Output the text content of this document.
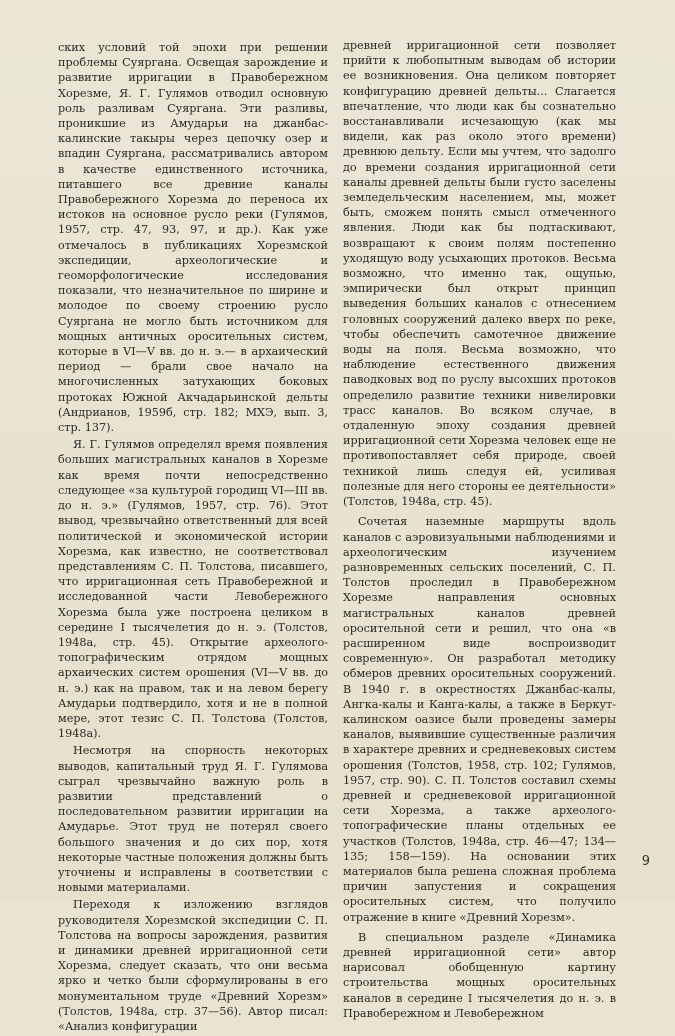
ских условий той эпохи при решении проблемы Суяргана. Освещая зарождение и развитие ирригации в Правобережном Хорезме, Я. Г. Гулямов отводил основную роль разливам Суяргана. Эти разливы, проникшие из Амударьи на джанбас-калинские такыры через цепочку озер и впадин Суяргана, рассматривались автором в качестве единственного источника, питавшего все древние каналы Правобережного Хорезма до переноса их истоков на основное русло реки (Гулямов, 1957, стр. 47, 93, 97, и др.). Как уже отмечалось в публикациях Хорезмской экспедиции, археологические и геоморфологические исследования показали, что незначительное по ширине и молодое по своему строению русло Суяргана не могло быть источником для мощных античных оросительных систем, которые в VI—V вв. до н. э.— в архаический период — брали свое начало на многочисленных затухающих боковых протоках Южной Акчадарьинской дельты (Андрианов, 1959б, стр. 182; МХЭ, вып. 3, стр. 137).

Я. Г. Гулямов определял время появления больших магистральных каналов в Хорезме как время почти непосредственно следующее «за культурой городищ VI—III вв. до н. э.» (Гулямов, 1957, стр. 76). Этот вывод, чрезвычайно ответственный для всей политической и экономической истории Хорезма, как известно, не соответствовал представлениям С. П. Толстова, писавшего, что ирригационная сеть Правобережной и исследованной части Левобережного Хорезма была уже построена целиком в середине I тысячелетия до н. э. (Толстов, 1948а, стр. 45). Открытие археолого-топографическим отрядом мощных архаических систем орошения (VI—V вв. до н. э.) как на правом, так и на левом берегу Амударьи подтвердило, хотя и не в полной мере, этот тезис С. П. Толстова (Толстов, 1948а).

Несмотря на спорность некоторых выводов, капитальный труд Я. Г. Гулямова сыграл чрезвычайно важную роль в развитии представлений о последовательном развитии ирригации на Амударье. Этот труд не потерял своего большого значения и до сих пор, хотя некоторые частные положения должны быть уточнены и исправлены в соответствии с новыми материалами.

Переходя к изложению взглядов руководителя Хорезмской экспедиции С. П. Толстова на вопросы зарождения, развития и динамики древней ирригационной сети Хорезма, следует сказать, что они весьма ярко и четко были сформулированы в его монументальном труде «Древний Хорезм» (Толстов, 1948а, стр. 37—56). Автор писал: «Анализ конфигурации

древней ирригационной сети позволяет прийти к любопытным выводам об истории ее возникновения. Она целиком повторяет конфигурацию древней дельты... Слагается впечатление, что люди как бы сознательно восстанавливали исчезающую (как мы видели, как раз около этого времени) древнюю дельту. Если мы учтем, что задолго до времени создания ирригационной сети каналы древней дельты были густо заселены земледельческим населением, мы, может быть, сможем понять смысл отмеченного явления. Люди как бы подтаскивают, возвращают к своим полям постепенно уходящую воду усыхающих протоков. Весьма возможно, что именно так, ощупью, эмпирически был открыт принцип выведения больших каналов с отнесением головных сооружений далеко вверх по реке, чтобы обеспечить самотечное движение воды на поля. Весьма возможно, что наблюдение естественного движения паводковых вод по руслу высохших протоков определило развитие техники нивелировки трасс каналов. Во всяком случае, в отдаленную эпоху создания древней ирригационной сети Хорезма человек еще не противопоставляет себя природе, своей техникой лишь следуя ей, усиливая полезные для него стороны ее деятельности» (Толстов, 1948а, стр. 45).

Сочетая наземные маршруты вдоль каналов с аэровизуальными наблюдениями и археологическим изучением разновременных сельских поселений, С. П. Толстов проследил в Правобережном Хорезме направления основных магистральных каналов древней оросительной сети и решил, что она «в расширенном виде воспроизводит современную». Он разработал методику обмеров древних оросительных сооружений. В 1940 г. в окрестностях Джанбас-калы, Ангка-калы и Канга-калы, а также в Беркут-калинском оазисе были проведены замеры каналов, выявившие существенные различия в характере древних и средневековых систем орошения (Толстов, 1958, стр. 102; Гулямов, 1957, стр. 90). С. П. Толстов составил схемы древней и средневековой ирригационной сети Хорезма, а также археолого-топографические планы отдельных ее участков (Толстов, 1948а, стр. 46—47; 134—135; 158—159). На основании этих материалов была решена сложная проблема причин запустения и сокращения оросительных систем, что получило отражение в книге «Древний Хорезм».

В специальном разделе «Динамика древней ирригационной сети» автор нарисовал обобщенную картину строительства мощных оросительных каналов в середине I тысячелетия до н. э. в Правобережном и Левобережном

9
